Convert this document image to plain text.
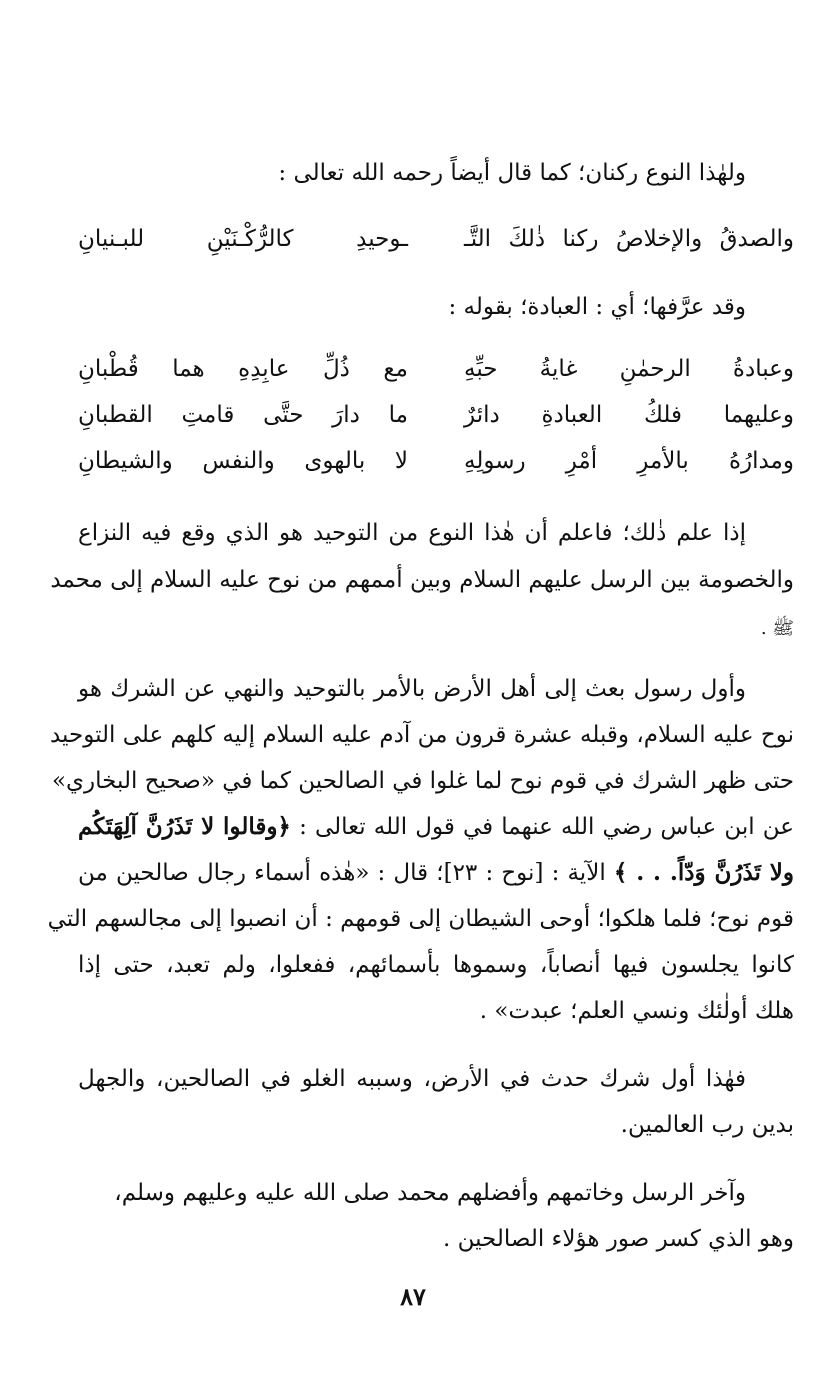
ولهٰذا النوع ركنان؛ كما قال أيضاً رحمه الله تعالى :
والصدقُ والإخلاصُ ركنا ذٰلكَ التَّـ
ـوحيدِ كالرُّكْـنَيْنِ للبـنيانِ
وقد عرَّفها؛ أي : العبادة؛ بقوله :
وعبادةُ الرحمٰنِ غايةُ حبِّهِ
مع ذُلِّ عابِدِهِ هما قُطْبانِ
وعليهما فلكُ العبادةِ دائرٌ
ما دارَ حتَّى قامتِ القطبانِ
ومدارُهُ بالأمرِ أمْرِ رسولِهِ
لا بالهوى والنفس والشيطانِ
إذا علم ذٰلك؛ فاعلم أن هٰذا النوع من التوحيد هو الذي وقع فيه النزاع
والخصومة بين الرسل عليهم السلام وبين أممهم من نوح عليه السلام إلى محمد
ﷺ .
وأول رسول بعث إلى أهل الأرض بالأمر بالتوحيد والنهي عن الشرك هو
نوح عليه السلام، وقبله عشرة قرون من آدم عليه السلام إليه كلهم على التوحيد
حتى ظهر الشرك في قوم نوح لما غلوا في الصالحين كما في «صحيح البخاري»
عن ابن عباس رضي الله عنهما في قول الله تعالى : ﴿وقالوا لا تَذَرُنَّ آلِهَتَكُم
ولا تَذَرُنَّ وَدّاً. . . ﴾ الآية : [نوح : ٢٣]؛ قال : «هٰذه أسماء رجال صالحين من
قوم نوح؛ فلما هلكوا؛ أوحى الشيطان إلى قومهم : أن انصبوا إلى مجالسهم التي
كانوا يجلسون فيها أنصاباً، وسموها بأسمائهم، ففعلوا، ولم تعبد، حتى إذا
هلك أولٰئك ونسي العلم؛ عبدت» .
فهٰذا أول شرك حدث في الأرض، وسببه الغلو في الصالحين، والجهل
بدين رب العالمين.
وآخر الرسل وخاتمهم وأفضلهم محمد صلى الله عليه وعليهم وسلم،
وهو الذي كسر صور هؤلاء الصالحين .
٨٧
